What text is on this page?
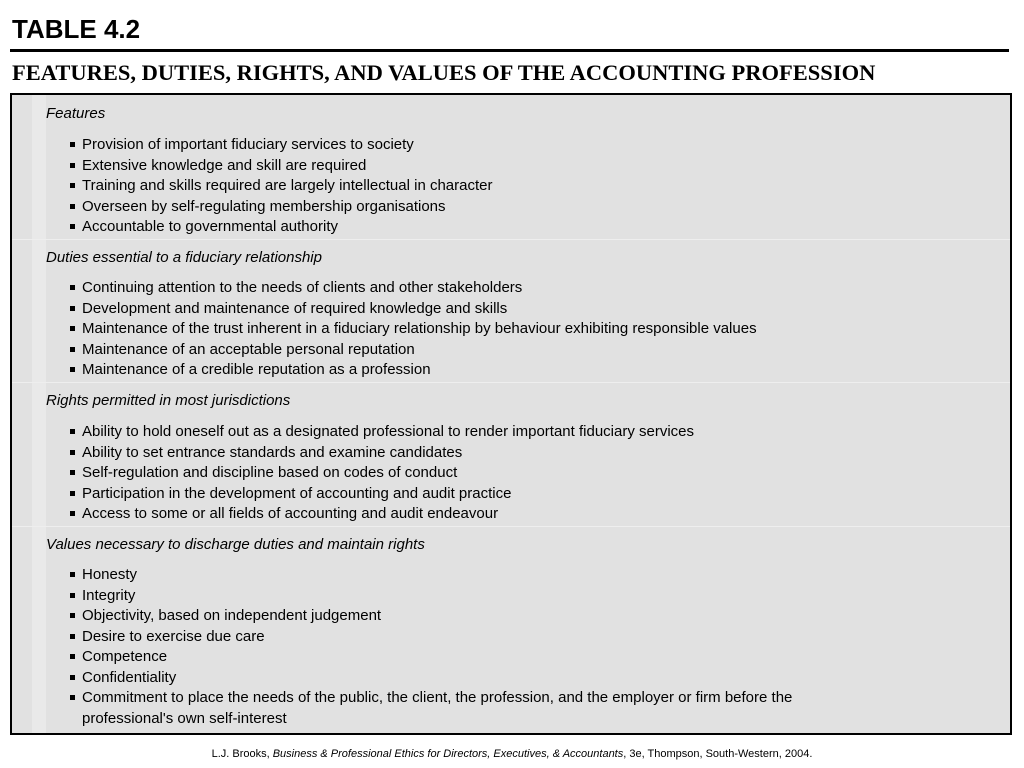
TABLE 4.2
FEATURES, DUTIES, RIGHTS, AND VALUES OF THE ACCOUNTING PROFESSION
Features
Provision of important fiduciary services to society
Extensive knowledge and skill are required
Training and skills required are largely intellectual in character
Overseen by self-regulating membership organisations
Accountable to governmental authority
Duties essential to a fiduciary relationship
Continuing attention to the needs of clients and other stakeholders
Development and maintenance of required knowledge and skills
Maintenance of the trust inherent in a fiduciary relationship by behaviour exhibiting responsible values
Maintenance of an acceptable personal reputation
Maintenance of a credible reputation as a profession
Rights permitted in most jurisdictions
Ability to hold oneself out as a designated professional to render important fiduciary services
Ability to set entrance standards and examine candidates
Self-regulation and discipline based on codes of conduct
Participation in the development of accounting and audit practice
Access to some or all fields of accounting and audit endeavour
Values necessary to discharge duties and maintain rights
Honesty
Integrity
Objectivity, based on independent judgement
Desire to exercise due care
Competence
Confidentiality
Commitment to place the needs of the public, the client, the profession, and the employer or firm before the
professional's own self-interest
L.J. Brooks, Business & Professional Ethics for Directors, Executives, & Accountants, 3e, Thompson, South-Western, 2004.
